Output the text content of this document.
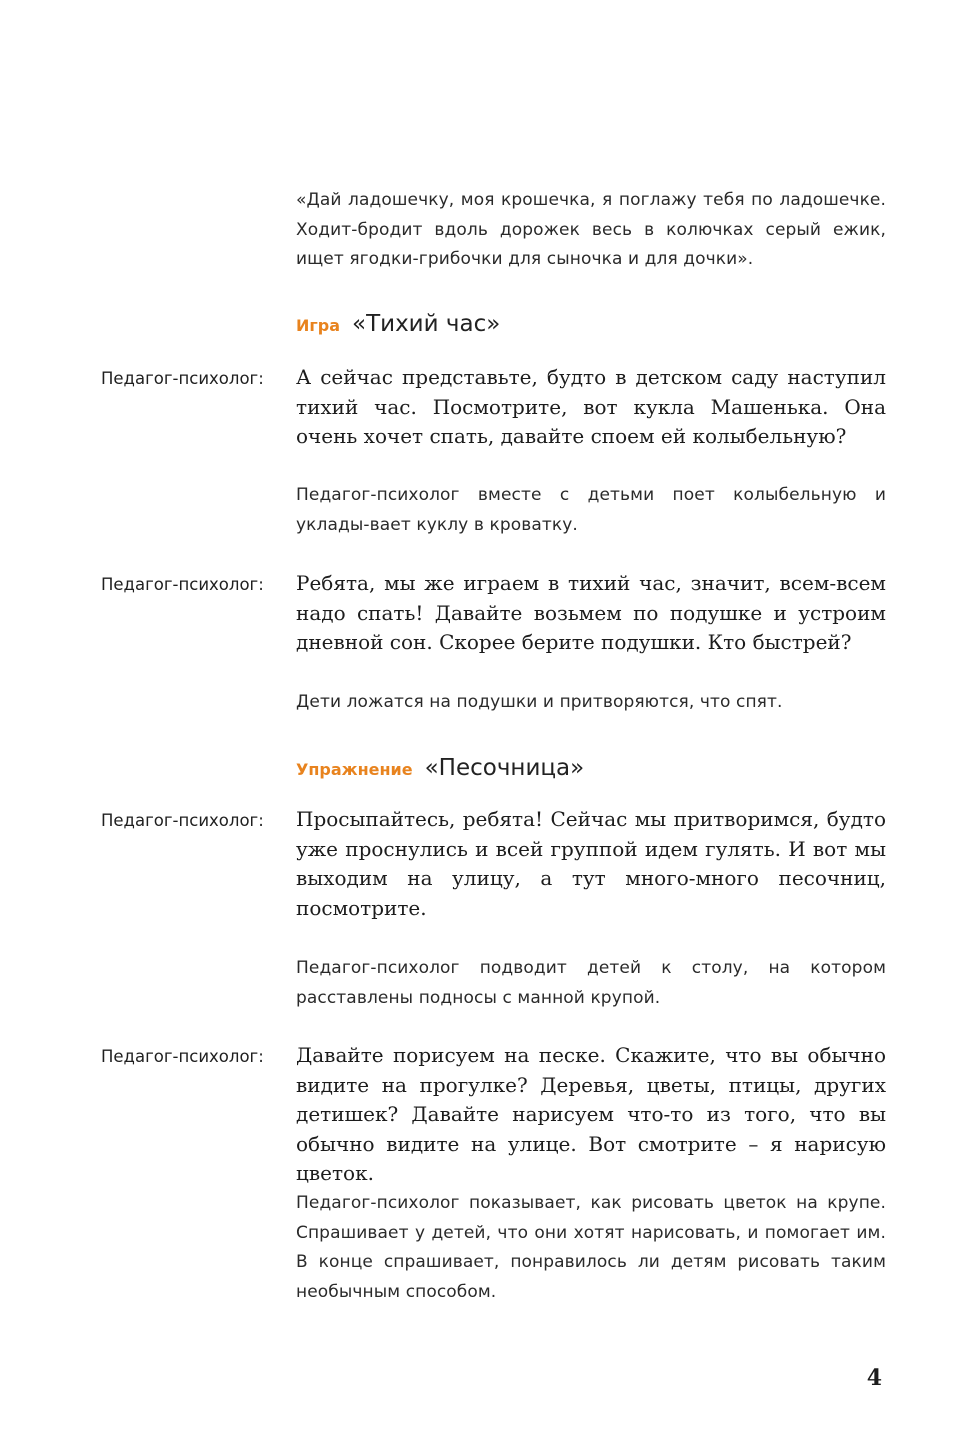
«Дай ладошечку, моя крошечка, я поглажу тебя по ладошечке. Ходит-бродит вдоль дорожек весь в колючках серый ежик, ищет ягодки-грибочки для сыночка и для дочки».
Игра «Тихий час»
Педагог-психолог:	А сейчас представьте, будто в детском саду наступил тихий час. Посмотрите, вот кукла Машенька. Она очень хочет спать, давайте споем ей колыбельную?
Педагог-психолог вместе с детьми поет колыбельную и уклады-вает куклу в кроватку.
Педагог-психолог:	Ребята, мы же играем в тихий час, значит, всем-всем надо спать! Давайте возьмем по подушке и устроим дневной сон. Скорее берите подушки. Кто быстрей?
Дети ложатся на подушки и притворяются, что спят.
Упражнение «Песочница»
Педагог-психолог:	Просыпайтесь, ребята! Сейчас мы притворимся, будто уже проснулись и всей группой идем гулять. И вот мы выходим на улицу, а тут много-много песочниц, посмотрите.
Педагог-психолог подводит детей к столу, на котором расставлены подносы с манной крупой.
Педагог-психолог:	Давайте порисуем на песке. Скажите, что вы обычно видите на прогулке? Деревья, цветы, птицы, других детишек? Давайте нарисуем что-то из того, что вы обычно видите на улице. Вот смотрите – я нарисую цветок.
Педагог-психолог показывает, как рисовать цветок на крупе. Спрашивает у детей, что они хотят нарисовать, и помогает им. В конце спрашивает, понравилось ли детям рисовать таким необычным способом.
4
